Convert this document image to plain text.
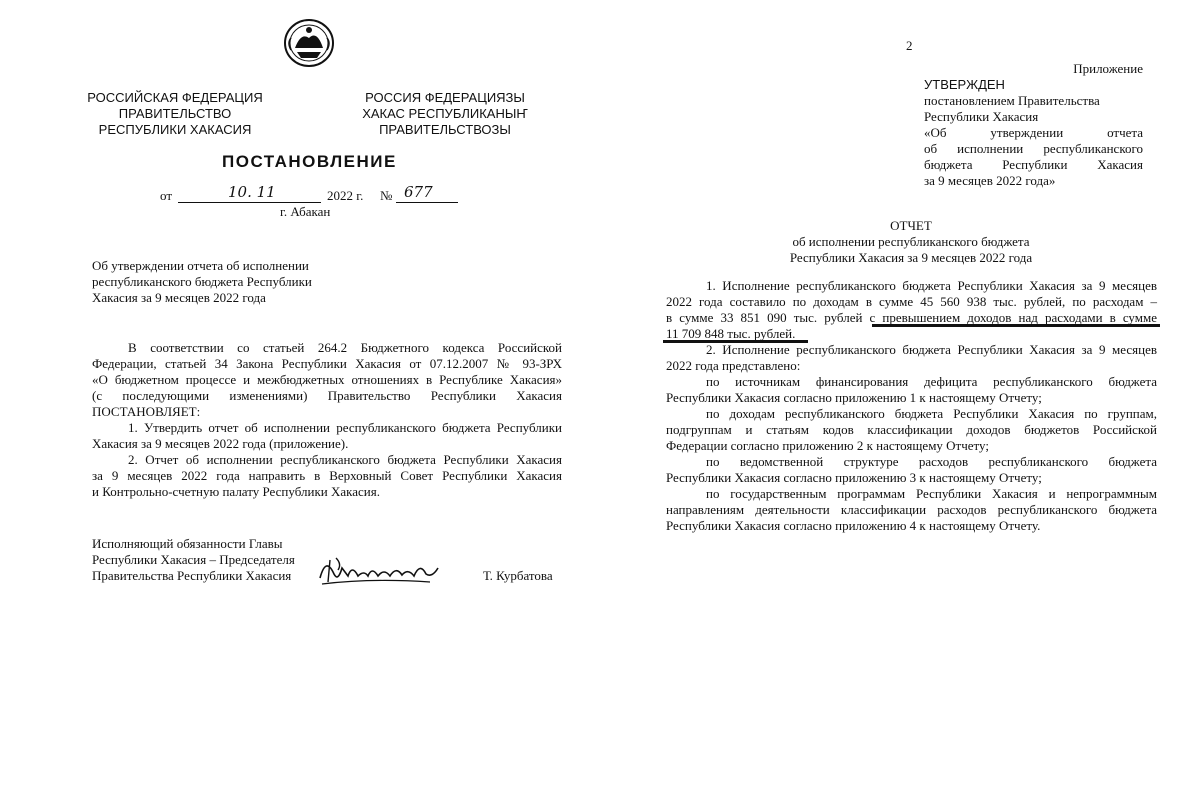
РОССИЙСКАЯ ФЕДЕРАЦИЯ
ПРАВИТЕЛЬСТВО
РЕСПУБЛИКИ ХАКАСИЯ
РОССИЯ ФЕДЕРАЦИЯЗЫ
ХАКАС РЕСПУБЛИКАНЫҤ
ПРАВИТЕЛЬСТВОЗЫ
ПОСТАНОВЛЕНИЕ
от	10. 11	2022 г. № 677
г. Абакан
Об утверждении отчета об исполнении
республиканского бюджета Республики
Хакасия за 9 месяцев 2022 года
В соответствии со статьей 264.2 Бюджетного кодекса Российской
Федерации, статьей 34 Закона Республики Хакасия от 07.12.2007 № 93-ЗРХ
«О бюджетном процессе и межбюджетных отношениях в Республике Хакасия»
(с последующими изменениями) Правительство Республики Хакасия
ПОСТАНОВЛЯЕТ:
1. Утвердить отчет об исполнении республиканского бюджета Республики
Хакасия за 9 месяцев 2022 года (приложение).
2. Отчет об исполнении республиканского бюджета Республики Хакасия
за 9 месяцев 2022 года направить в Верховный Совет Республики Хакасия
и Контрольно-счетную палату Республики Хакасия.
Исполняющий обязанности Главы
Республики Хакасия – Председателя
Правительства Республики Хакасия	Т. Курбатова
2
Приложение
УТВЕРЖДЕН
постановлением Правительства
Республики Хакасия
«Об утверждении отчета
об исполнении республиканского
бюджета Республики Хакасия
за 9 месяцев 2022 года»
ОТЧЕТ
об исполнении республиканского бюджета
Республики Хакасия за 9 месяцев 2022 года
1. Исполнение республиканского бюджета Республики Хакасия за 9 месяцев
2022 года составило по доходам в сумме 45 560 938 тыс. рублей, по расходам –
в сумме 33 851 090 тыс. рублей с превышением доходов над расходами в сумме
11 709 848 тыс. рублей.
2. Исполнение республиканского бюджета Республики Хакасия за 9 месяцев
2022 года представлено:
по источникам финансирования дефицита республиканского бюджета
Республики Хакасия согласно приложению 1 к настоящему Отчету;
по доходам республиканского бюджета Республики Хакасия по группам,
подгруппам и статьям кодов классификации доходов бюджетов Российской
Федерации согласно приложению 2 к настоящему Отчету;
по ведомственной структуре расходов республиканского бюджета
Республики Хакасия согласно приложению 3 к настоящему Отчету;
по государственным программам Республики Хакасия и непрограммным
направлениям деятельности классификации расходов республиканского бюджета
Республики Хакасия согласно приложению 4 к настоящему Отчету.
